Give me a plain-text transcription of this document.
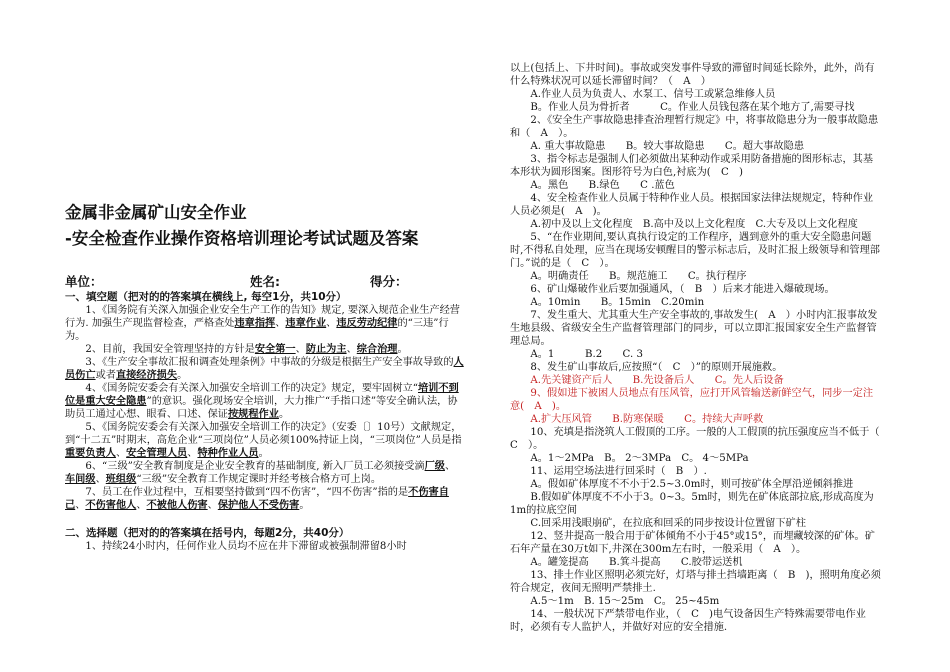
金属非金属矿山安全作业

-安全检查作业操作资格培训理论考试试题及答案

单位：	姓名:	得分：

一、填空题（把对的的答案填在横线上, 每空1分，共10分）

1、《国务院有关深入加强企业安全生产工作的告知》规定, 要深入规范企业生产经营行为. 加强生产现监督检查，严格查处违章指挥、违章作业、违反劳动纪律的“三违”行为。

2、目前，我国安全管理坚持的方针是安全第一、防止为主、综合治理。

3、《生产安全事故汇报和调查处理条例》中事故的分级是根据生产安全事故导致的人员伤亡或者直接经济损失。

4、《国务院安委会有关深入加强安全培训工作的决定》规定，要牢固树立“培训不到位是重大安全隐患”的意识。强化现场安全培训，大力推广“手指口述”等安全确认法，协助员工通过心想、眼看、口述、保证按规程作业。

5、《国务院安委会有关深入加强安全培训工作的决定》（安委〔〕10号）文献规定，到“十二五”时期末，高危企业“三项岗位”人员必须100%持证上岗，“三项岗位”人员是指重要负责人、安全管理人员、特种作业人员。

6、“三级”安全教育制度是企业安全教育的基础制度, 新入厂员工必须接受滴厂级、车间级、班组级“三级”安全教育工作规定课时并经考核合格方可上岗。

7、员工在作业过程中，互相要坚持做到“四不伤害”，“四不伤害”指的是不伤害自己、不伤害他人、不被他人伤害、保护他人不受伤害。

二、选择题（把对的的答案填在括号内，每题2分，共40分）

1、持续24小时内，任何作业人员均不应在井下滞留或被强制滞留8小时

以上(包括上、下井时间)。事故或突发事件导致的滞留时间延长除外，此外，尚有什么特殊状况可以延长滞留时间？（　A　）

A.作业人员为负责人、水泵工、信号工或紧急维修人员

B。作业人员为骨折者　　　C。作业人员钱包落在某个地方了,需要寻找

2、《安全生产事故隐患排查治理暂行规定》中，将事故隐患分为一般事故隐患和（　A　）。

A. 重大事故隐患　　B。较大事故隐患　　C。超大事故隐患

3、指令标志是强制人们必须做出某种动作或采用防备措施的图形标志，其基本形状为圆形图案。图形符号为白色,衬底为(　C　)

A。黑色　　B.绿色　　C .蓝色

4、安全检查作业人员属于特种作业人员。根据国家法律法规规定，特种作业人员必须是(　A　)。

A.初中及以上文化程度　B.高中及以上文化程度　C.大专及以上文化程度

5、“在作业期间,要认真执行设定的工作程序，遇到意外的重大安全隐患问题时,不得私自处理，应当在现场安顿醒目的警示标志后，及时汇报上级领导和管理部门。”说的是（　C　）。

A。明确责任　　B。规范施工　　C。执行程序

6、矿山爆破作业后要加强通风，（　B　）后来才能进入爆破现场。

A。10min　　B。15min　C.20min

7、发生重大、尤其重大生产安全事故的,事故发生(　A　）小时内汇报事故发生地县级、省级安全生产监督管理部门的同步，可以立即汇报国家安全生产监督管理总局。

A。1　　　B.2　　C. 3

8、发生矿山事故后,应按照“（　C　）”的原则开展施救。

A.先关键资产后人　　B.先设备后人　　C。先人后设备

9、假如进下被困人员地点有压风管，应打开风管输送新鲜空气，同步一定注意(　A　)。

A.扩大压风管　　B.防寒保暖　　C。持续大声呼救

10、充填是指浇筑人工假顶的工序。一般的人工假顶的抗压强度应当不低于（　C　）。

A。1～2MPa　B。 2～3MPa　C。 4～5MPa

11、运用空场法进行回采时（　B　）.

A。假如矿体厚度不不小于2.5~3.0m时，则可按矿体全厚沿逆倾斜推进

B.假如矿体厚度不不小于3。0~3。5m时，则先在矿体底部拉底,形成高度为1m的拉底空间

C.回采用浅眼崩矿，在拉底和回采的同步按设计位置留下矿柱

12、竖井提高一般合用于矿体倾角不小于45°或15°，而埋藏较深的矿体。矿石年产量在30万t如下,井深在300m左右时，一般采用（　A　）。

A。罐笼提高　　B.箕斗提高　　C.胶带运送机

13、排土作业区照明必须完好，灯塔与排土挡墙距离（　B　)，照明角度必须符合规定，夜间无照明严禁排土.

A.5～1m　B. 15～25m　C。 25~45m

14、一般状况下严禁带电作业，（　C　)电气设备因生产特殊需要带电作业时，必须有专人监护人，并做好对应的安全措施.
